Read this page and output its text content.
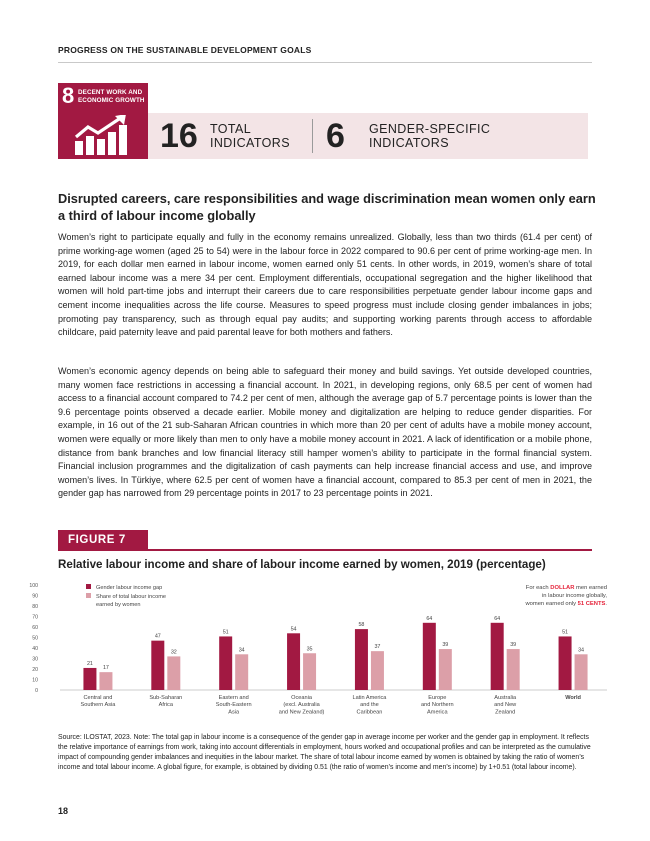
PROGRESS ON THE SUSTAINABLE DEVELOPMENT GOALS
8 DECENT WORK AND
ECONOMIC GROWTH
16 TOTAL
INDICATORS 6 GENDER-SPECIFIC
INDICATORS
Disrupted careers, care responsibilities and wage discrimination mean women only earn a third of labour income globally

Women’s right to participate equally and fully in the economy remains unrealized. Globally, less than two thirds (61.4 per cent) of prime working-age women (aged 25 to 54) were in the labour force in 2022 compared to 90.6 per cent of prime working-age men. In 2019, for each dollar men earned in labour income, women earned only 51 cents. In other words, in 2019, women’s share of total earned labour income was a mere 34 per cent. Employment differentials, occupational segregation and the higher likelihood that women will hold part-time jobs and interrupt their careers due to care responsibilities perpetuate gender labour income gaps and cement income inequalities across the life course. Measures to speed progress must include closing gender imbalances in jobs; promoting pay transparency, such as through equal pay audits; and supporting working parents through access to affordable childcare, paid paternity leave and paid parental leave for both mothers and fathers.

Women’s economic agency depends on being able to safeguard their money and build savings. Yet outside developed countries, many women face restrictions in accessing a financial account. In 2021, in developing regions, only 68.5 per cent of women had access to a financial account compared to 74.2 per cent of men, although the average gap of 5.7 percentage points is lower than the 9.6 percentage points observed a decade earlier. Mobile money and digitalization are helping to reduce gender disparities. For example, in 16 out of the 21 sub-Saharan African countries in which more than 20 per cent of adults have a mobile money account, women were equally or more likely than men to only have a mobile money account in 2021. A lack of identification or a mobile phone, distance from bank branches and low financial literacy still hamper women’s ability to participate in the formal financial system. Financial inclusion programmes and the digitalization of cash payments can help increase financial access and use, and improve women’s lives. In Türkiye, where 62.5 per cent of women have a financial account, compared to 85.3 per cent of men in 2021, the gender gap has narrowed from 29 percentage points in 2017 to 23 percentage points in 2021.

FIGURE 7
Relative labour income and share of labour income earned by women, 2019 (percentage)
0
10
20
30
40
50
60
70
80
90
100	Gender labour income gap
Share of total labour income
earned by women
21
17
Central and
Southern Asia
47
32
Sub-Saharan
Africa
51
34
Eastern and
South-Eastern
Asia
54
35
Oceania
(excl. Australia
and New Zealand)
58
37
Latin America
and the
Caribbean
64
39
Europe
and Northern
America
64
39
Australia
and New
Zealand
51
34
World
For each DOLLAR men earned
in labour income globally,
women earned only 51 CENTS.

Source: ILOSTAT, 2023. Note: The total gap in labour income is a consequence of the gender gap in average income per worker and the gender gap in employment. It reflects the relative importance of earnings from work, taking into account differentials in employment, hours worked and occupational profiles and can be interpreted as the cumulative impact of compounding gender imbalances and inequities in the labour market. The share of total labour income earned by women is obtained by taking the ratio of women’s income and total labour income. A global figure, for example, is obtained by dividing 0.51 (the ratio of women’s income and men’s income) by 1+0.51 (total labour income).

18
